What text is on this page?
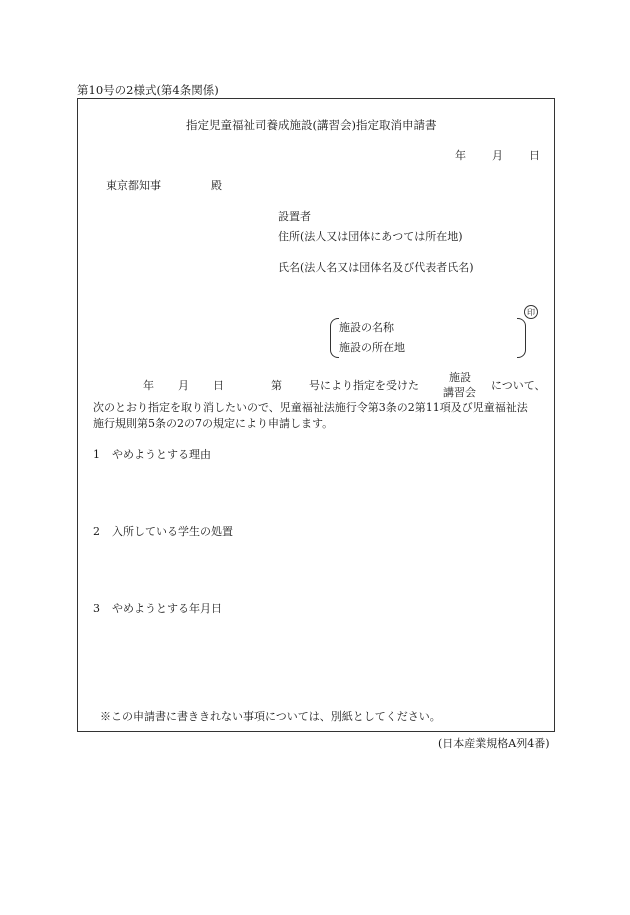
第10号の2様式(第4条関係)
指定児童福祉司養成施設(講習会)指定取消申請書
年 月 日
東京都知事	殿
設置者
住所(法人又は団体にあつては所在地)
氏名(法人名又は団体名及び代表者氏名)
印
施設の名称
施設の所在地
年 月 日	第 号により指定を受けた
施設
講習会
について、
次のとおり指定を取り消したいので、児童福祉法施行令第3条の2第11項及び児童福祉法
施行規則第5条の2の7の規定により申請します。
1 やめようとする理由
2 入所している学生の処置
3 やめようとする年月日
※この申請書に書ききれない事項については、別紙としてください。
(日本産業規格A列4番)
